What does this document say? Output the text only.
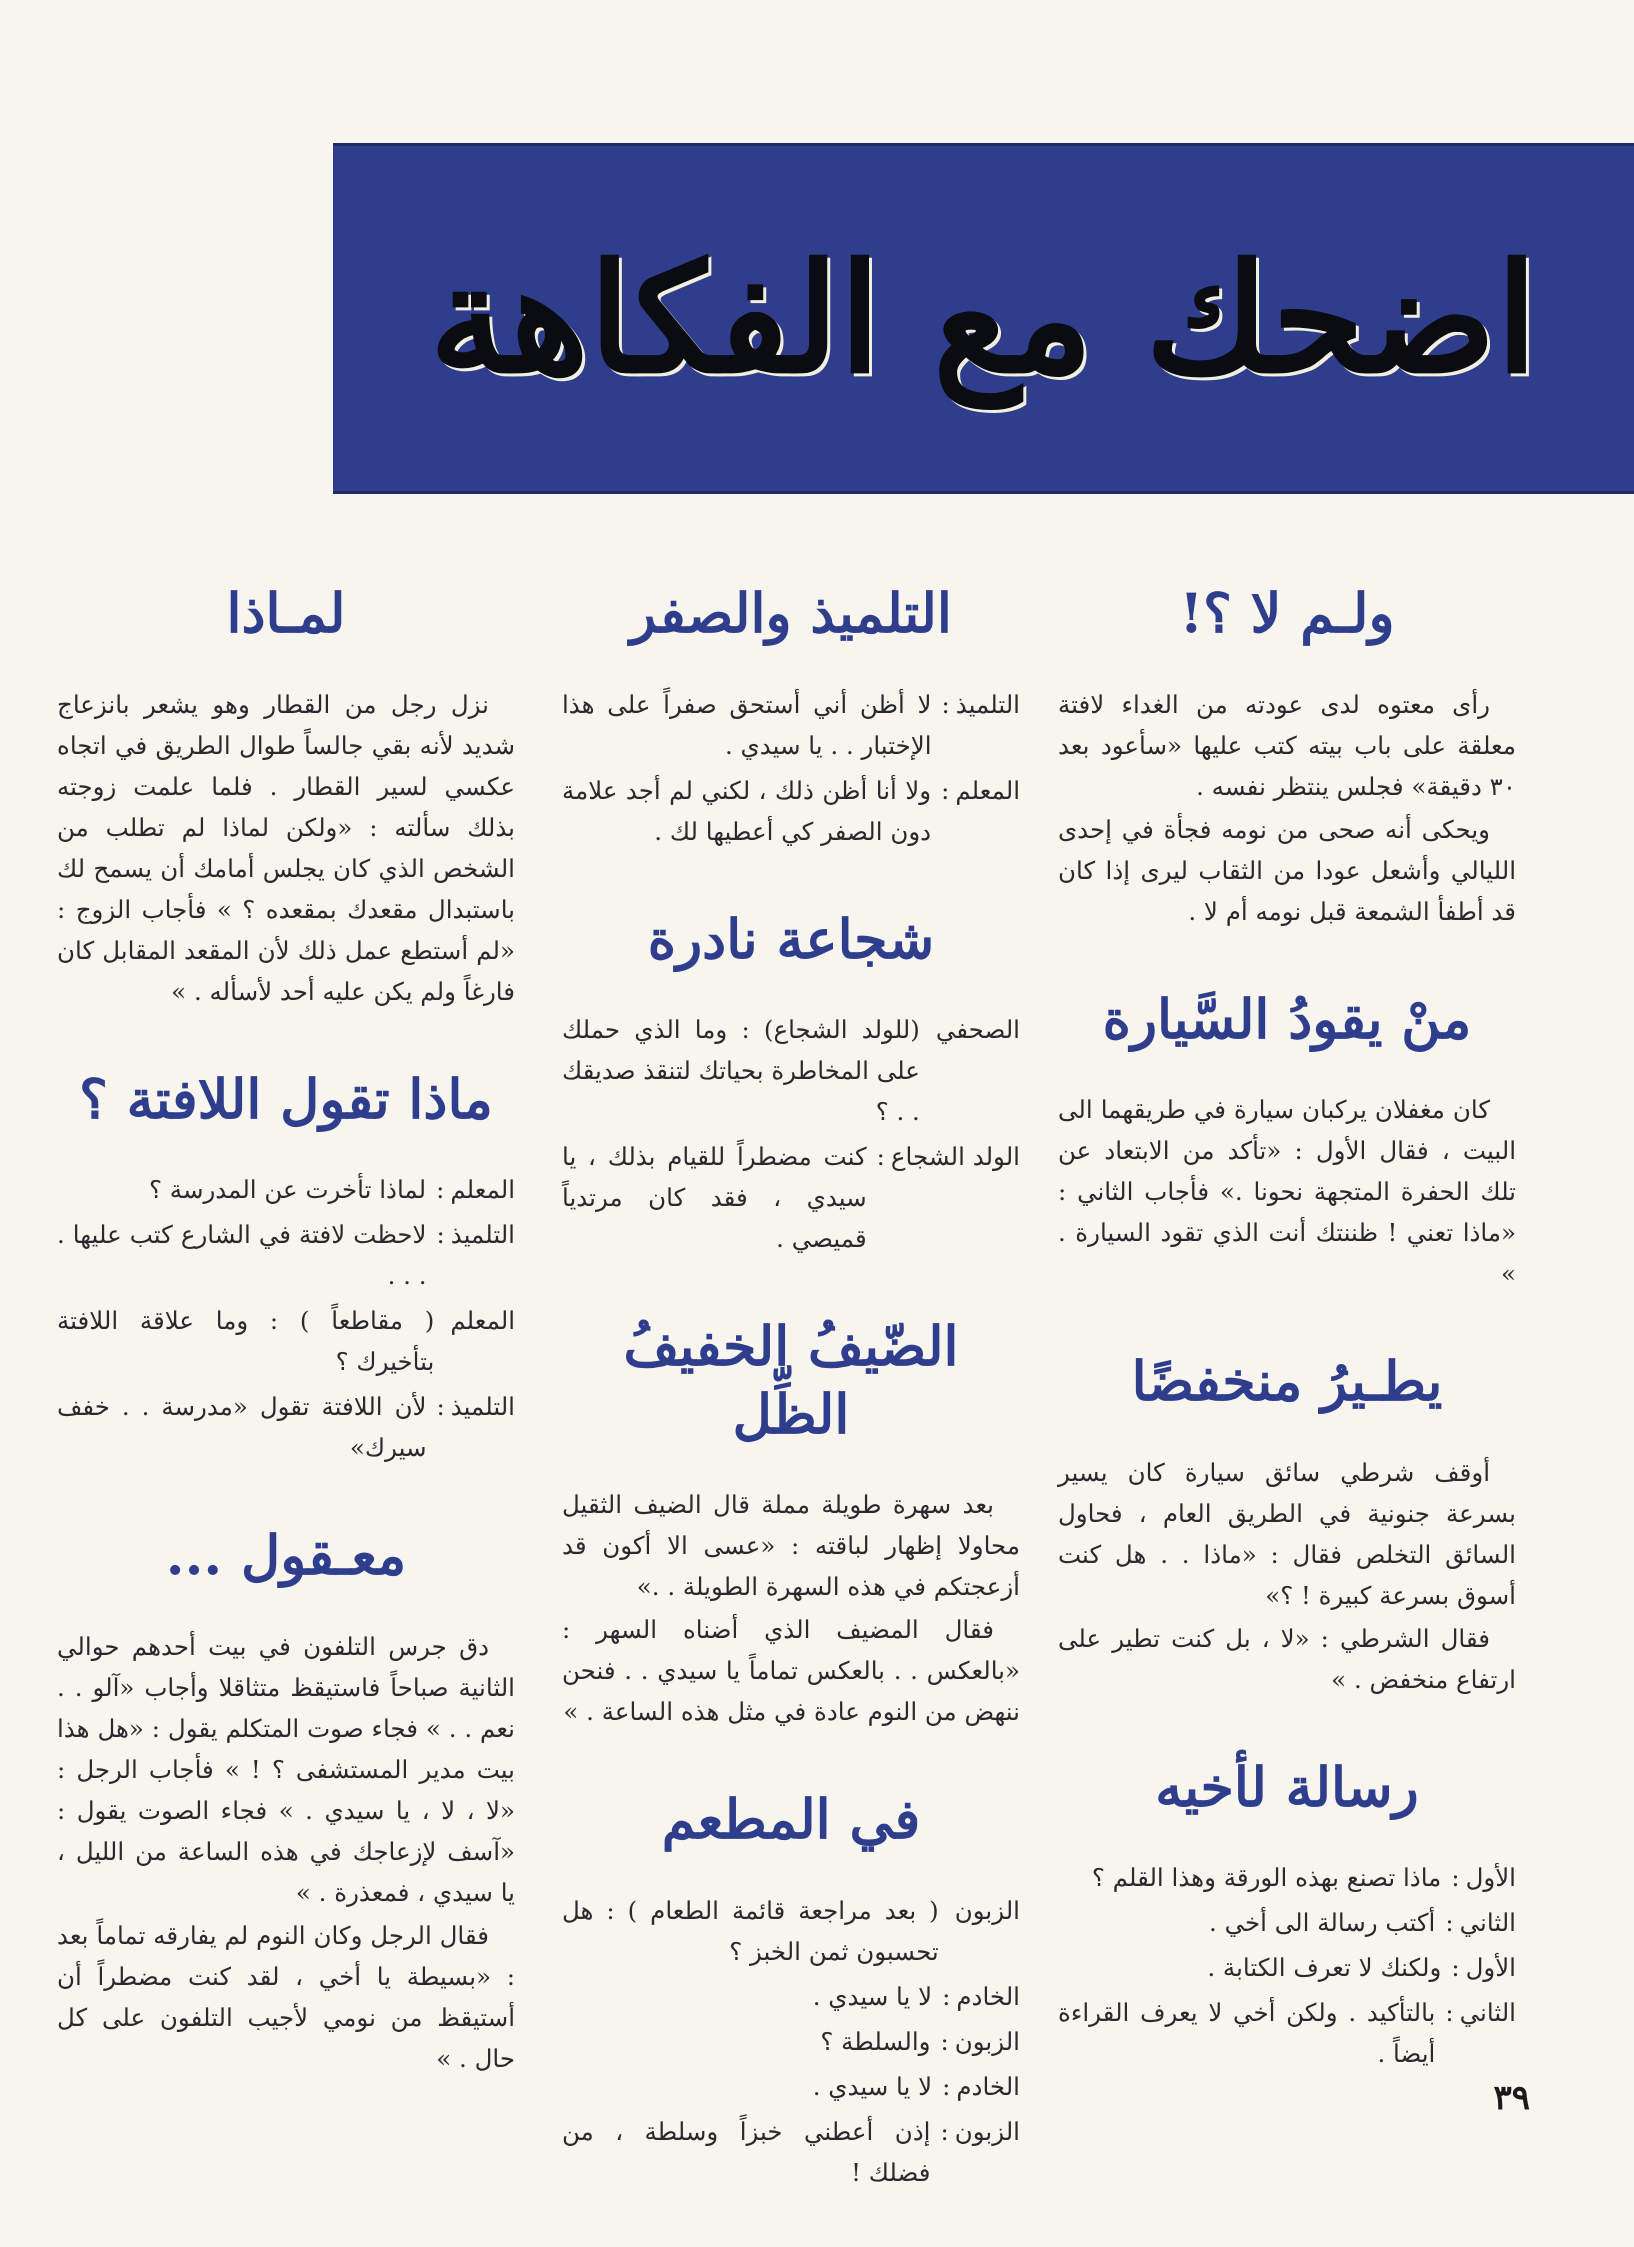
اضحك مع الفكاهة
ولـم لا ؟!

رأى معتوه لدى عودته من الغداء لافتة معلقة على باب بيته كتب عليها «سأعود بعد ٣٠ دقيقة» فجلس ينتظر نفسه .

ويحكى أنه صحى من نومه فجأة في إحدى الليالي وأشعل عودا من الثقاب ليرى إذا كان قد أطفأ الشمعة قبل نومه أم لا .

منْ يقودُ السَّيارة

كان مغفلان يركبان سيارة في طريقهما الى البيت ، فقال الأول : «تأكد من الابتعاد عن تلك الحفرة المتجهة نحونا .» فأجاب الثاني : «ماذا تعني ! ظننتك أنت الذي تقود السيارة . »

يطـيرُ منخفضًا

أوقف شرطي سائق سيارة كان يسير بسرعة جنونية في الطريق العام ، فحاول السائق التخلص فقال : «ماذا . . هل كنت أسوق بسرعة كبيرة ! ؟»

فقال الشرطي : «لا ، بل كنت تطير على ارتفاع منخفض . »

رسالة لأخيه
الأول
:
ماذا تصنع بهذه الورقة وهذا القلم ؟
الثاني
:
أكتب رسالة الى أخي .
الأول
:
ولكنك لا تعرف الكتابة .
الثاني
:
بالتأكيد . ولكن أخي لا يعرف القراءة أيضاً .
التلميذ والصفر
التلميذ
:
لا أظن أني أستحق صفراً على هذا الإختبار . . يا سيدي .
المعلم
:
ولا أنا أظن ذلك ، لكني لم أجد علامة دون الصفر كي أعطيها لك .
شجاعة نادرة
الصحفي
(للولد الشجاع) : وما الذي حملك على المخاطرة بحياتك لتنقذ صديقك . . ؟
الولد الشجاع
:
كنت مضطراً للقيام بذلك ، يا سيدي ، فقد كان مرتدياً قميصي .
الضّيفُ الخفيفُ الظِّل

بعد سهرة طويلة مملة قال الضيف الثقيل محاولا إظهار لباقته : «عسى الا أكون قد أزعجتكم في هذه السهرة الطويلة . .»

فقال المضيف الذي أضناه السهر : «بالعكس . . بالعكس تماماً يا سيدي . . فنحن ننهض من النوم عادة في مثل هذه الساعة . »

في المطعم
الزبون
( بعد مراجعة قائمة الطعام ) : هل تحسبون ثمن الخبز ؟
الخادم
:
لا يا سيدي .
الزبون
:
والسلطة ؟
الخادم
:
لا يا سيدي .
الزبون
:
إذن أعطني خبزاً وسلطة ، من فضلك !
لمـاذا

نزل رجل من القطار وهو يشعر بانزعاج شديد لأنه بقي جالساً طوال الطريق في اتجاه عكسي لسير القطار . فلما علمت زوجته بذلك سألته : «ولكن لماذا لم تطلب من الشخص الذي كان يجلس أمامك أن يسمح لك باستبدال مقعدك بمقعده ؟ » فأجاب الزوج : «لم أستطع عمل ذلك لأن المقعد المقابل كان فارغاً ولم يكن عليه أحد لأسأله . »

ماذا تقول اللافتة ؟
المعلم
:
لماذا تأخرت عن المدرسة ؟
التلميذ
:
لاحظت لافتة في الشارع كتب عليها . . . .
المعلم
( مقاطعاً ) : وما علاقة اللافتة بتأخيرك ؟
التلميذ
:
لأن اللافتة تقول «مدرسة . . خفف سيرك»
معـقول ...

دق جرس التلفون في بيت أحدهم حوالي الثانية صباحاً فاستيقظ متثاقلا وأجاب «آلو . . نعم . . » فجاء صوت المتكلم يقول : «هل هذا بيت مدير المستشفى ؟ ! » فأجاب الرجل : «لا ، لا ، يا سيدي . » فجاء الصوت يقول : «آسف لإزعاجك في هذه الساعة من الليل ، يا سيدي ، فمعذرة . »

فقال الرجل وكان النوم لم يفارقه تماماً بعد : «بسيطة يا أخي ، لقد كنت مضطراً أن أستيقظ من نومي لأجيب التلفون على كل حال . »

٣٩
